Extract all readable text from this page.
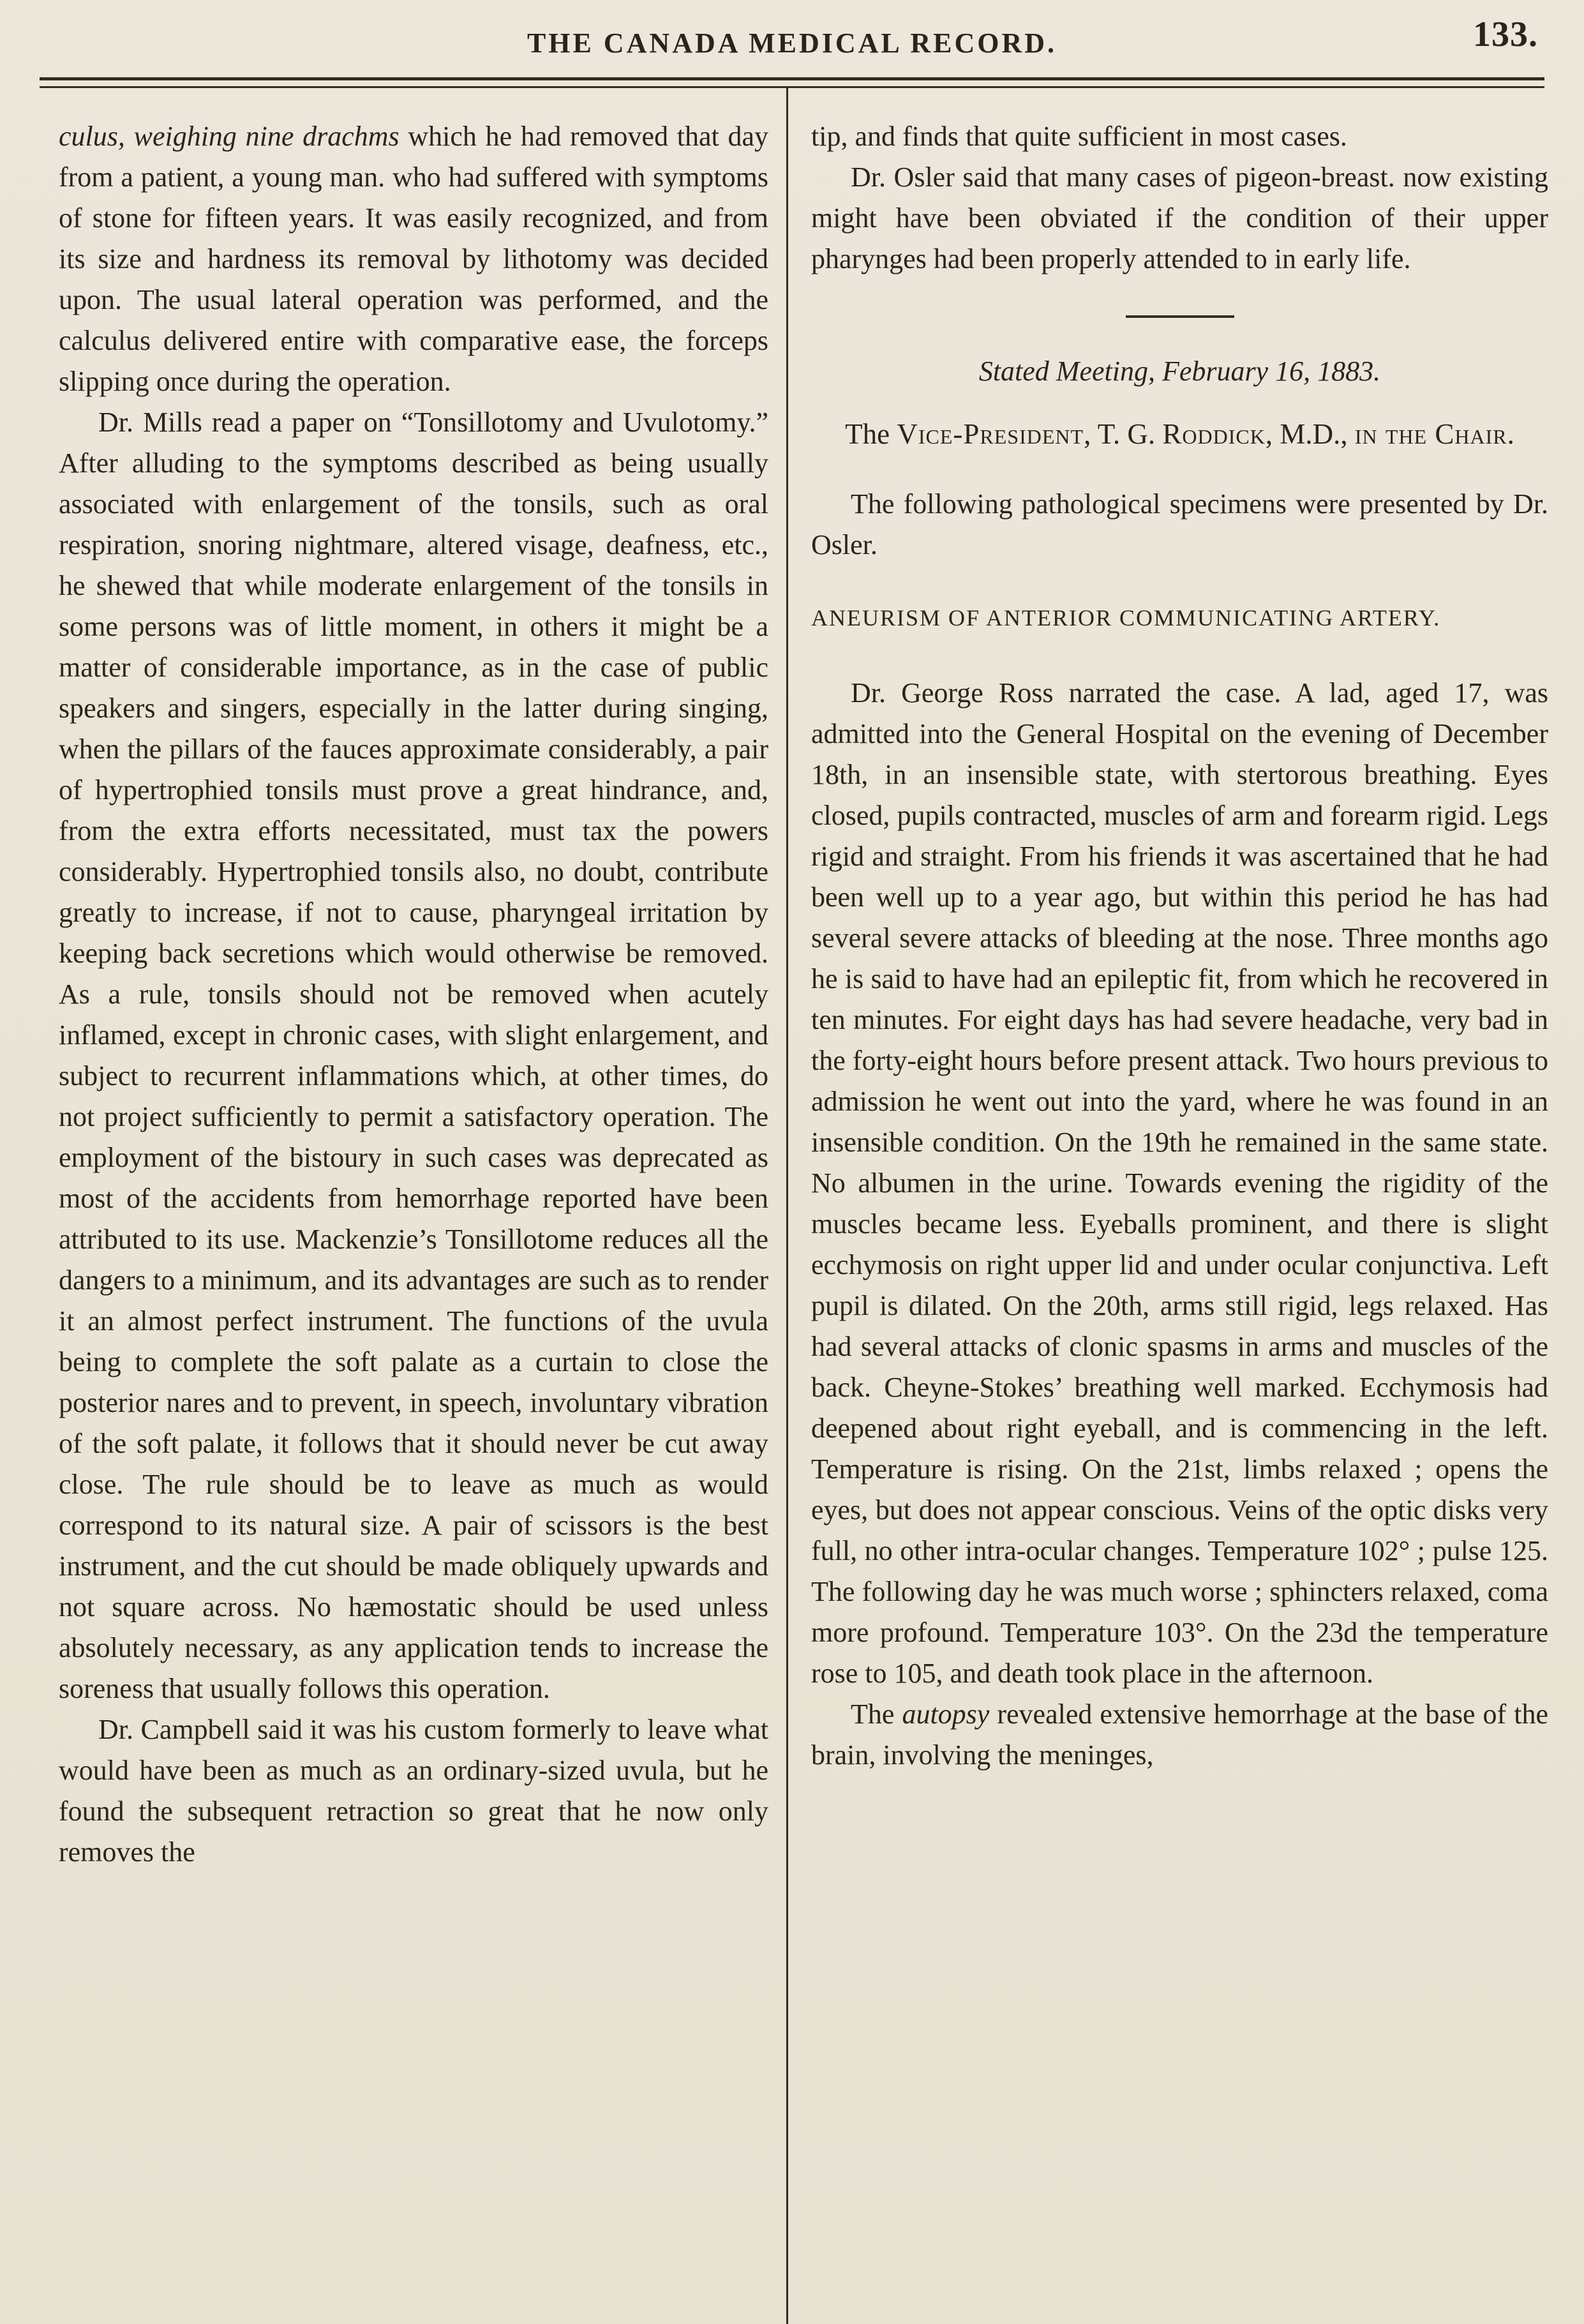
133.
THE CANADA MEDICAL RECORD.

culus, weighing nine drachms which he had removed that day from a patient, a young man. who had suffered with symptoms of stone for fifteen years. It was easily recognized, and from its size and hardness its removal by lithotomy was decided upon. The usual lateral operation was performed, and the calculus delivered entire with comparative ease, the forceps slipping once during the operation.

Dr. Mills read a paper on “Tonsillotomy and Uvulotomy.” After alluding to the symptoms described as being usually associated with enlargement of the tonsils, such as oral respiration, snoring nightmare, altered visage, deafness, etc., he shewed that while moderate enlargement of the tonsils in some persons was of little moment, in others it might be a matter of considerable importance, as in the case of public speakers and singers, especially in the latter during singing, when the pillars of the fauces approximate considerably, a pair of hypertrophied tonsils must prove a great hindrance, and, from the extra efforts necessitated, must tax the powers considerably. Hypertrophied tonsils also, no doubt, contribute greatly to increase, if not to cause, pharyngeal irritation by keeping back secretions which would otherwise be removed. As a rule, tonsils should not be removed when acutely inflamed, except in chronic cases, with slight enlargement, and subject to recurrent inflammations which, at other times, do not project sufficiently to permit a satisfactory operation. The employment of the bistoury in such cases was deprecated as most of the accidents from hemorrhage reported have been attributed to its use. Mackenzie’s Tonsillotome reduces all the dangers to a minimum, and its advantages are such as to render it an almost perfect instrument. The functions of the uvula being to complete the soft palate as a curtain to close the posterior nares and to prevent, in speech, involuntary vibration of the soft palate, it follows that it should never be cut away close. The rule should be to leave as much as would correspond to its natural size. A pair of scissors is the best instrument, and the cut should be made obliquely upwards and not square across. No hæmostatic should be used unless absolutely necessary, as any application tends to increase the soreness that usually follows this operation.

Dr. Campbell said it was his custom formerly to leave what would have been as much as an ordinary-sized uvula, but he found the subsequent retraction so great that he now only removes the

tip, and finds that quite sufficient in most cases.

Dr. Osler said that many cases of pigeon-breast. now existing might have been obviated if the condition of their upper pharynges had been properly attended to in early life.

Stated Meeting, February 16, 1883.

The Vice-President, T. G. Roddick, M.D., in the Chair.

The following pathological specimens were presented by Dr. Osler.

ANEURISM OF ANTERIOR COMMUNICATING ARTERY.

Dr. George Ross narrated the case. A lad, aged 17, was admitted into the General Hospital on the evening of December 18th, in an insensible state, with stertorous breathing. Eyes closed, pupils contracted, muscles of arm and forearm rigid. Legs rigid and straight. From his friends it was ascertained that he had been well up to a year ago, but within this period he has had several severe attacks of bleeding at the nose. Three months ago he is said to have had an epileptic fit, from which he recovered in ten minutes. For eight days has had severe headache, very bad in the forty-eight hours before present attack. Two hours previous to admission he went out into the yard, where he was found in an insensible condition. On the 19th he remained in the same state. No albumen in the urine. Towards evening the rigidity of the muscles became less. Eyeballs prominent, and there is slight ecchymosis on right upper lid and under ocular conjunctiva. Left pupil is dilated. On the 20th, arms still rigid, legs relaxed. Has had several attacks of clonic spasms in arms and muscles of the back. Cheyne-Stokes’ breathing well marked. Ecchymosis had deepened about right eyeball, and is commencing in the left. Temperature is rising. On the 21st, limbs relaxed ; opens the eyes, but does not appear conscious. Veins of the optic disks very full, no other intra-ocular changes. Temperature 102° ; pulse 125. The following day he was much worse ; sphincters relaxed, coma more profound. Temperature 103°. On the 23d the temperature rose to 105, and death took place in the afternoon.

The autopsy revealed extensive hemorrhage at the base of the brain, involving the meninges,
